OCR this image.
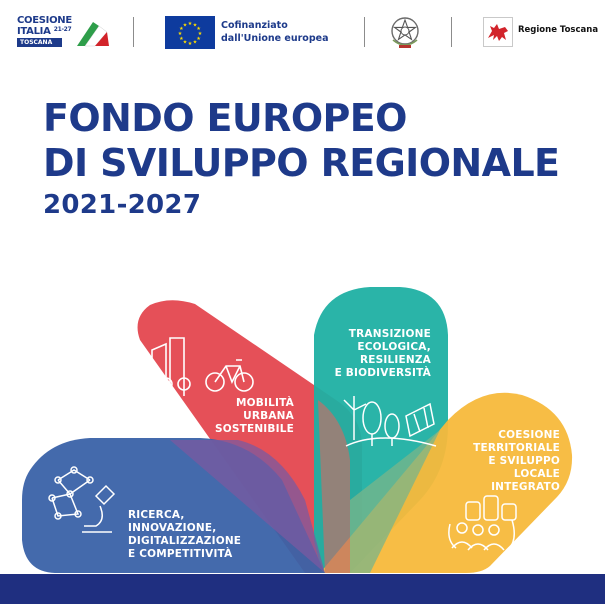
COESIONE
ITALIA $^{21-27}$
TOSCANA
★
★
★
★
★
★
★
★
★ ★ ★
★ Cofinanziato
dall'Unione europea
Regione Toscana
FONDO EUROPEO
DI SVILUPPO REGIONALE
2021-2027
RICERCA,
INNOVAZIONE,
DIGITALIZZAZIONE
E COMPETITIVITÀ
MOBILITÀ
URBANA
SOSTENIBILE
TRANSIZIONE
ECOLOGICA,
RESILIENZA
E BIODIVERSITÀ
COESIONE
TERRITORIALE
E SVILUPPO
LOCALE
INTEGRATO
